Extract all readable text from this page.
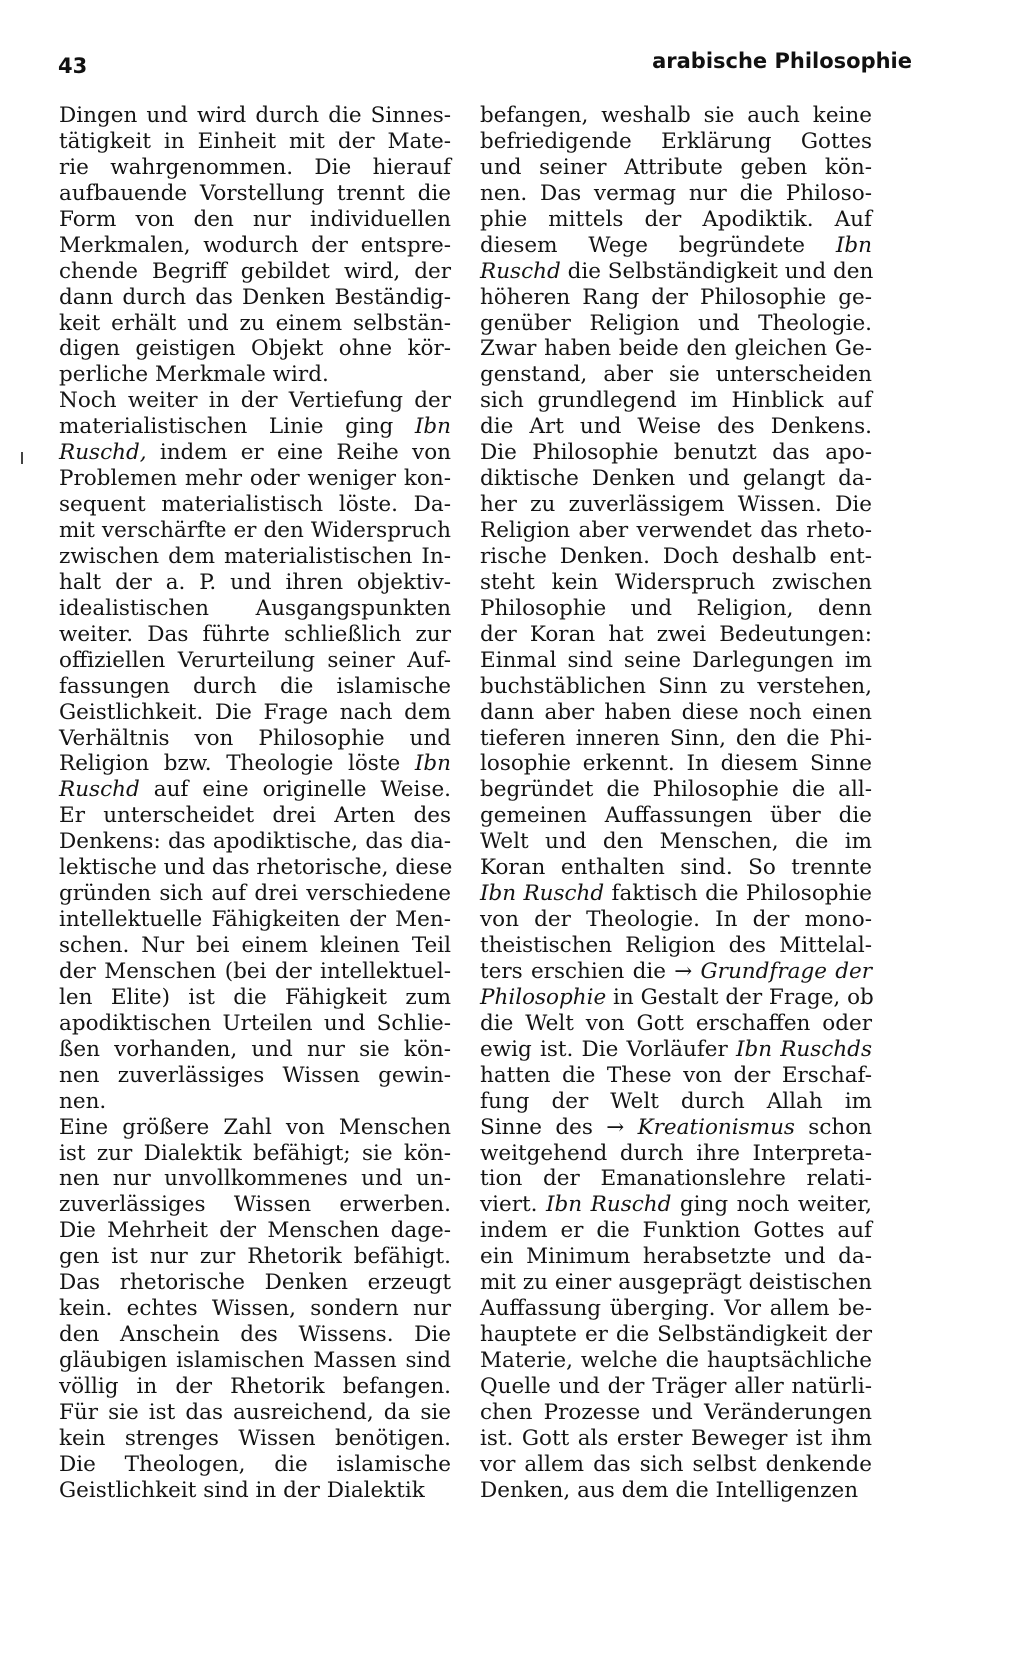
43	arabische Philosophie
Dingen und wird durch die Sinnes-
tätigkeit in Einheit mit der Mate-
rie wahrgenommen. Die hierauf
aufbauende Vorstellung trennt die
Form von den nur individuellen
Merkmalen, wodurch der entspre-
chende Begriff gebildet wird, der
dann durch das Denken Beständig-
keit erhält und zu einem selbstän-
digen geistigen Objekt ohne kör-
perliche Merkmale wird.
Noch weiter in der Vertiefung der
materialistischen Linie ging Ibn
Ruschd, indem er eine Reihe von
Problemen mehr oder weniger kon-
sequent materialistisch löste. Da-
mit verschärfte er den Widerspruch
zwischen dem materialistischen In-
halt der a. P. und ihren objektiv-
idealistischen Ausgangspunkten
weiter. Das führte schließlich zur
offiziellen Verurteilung seiner Auf-
fassungen durch die islamische
Geistlichkeit. Die Frage nach dem
Verhältnis von Philosophie und
Religion bzw. Theologie löste Ibn
Ruschd auf eine originelle Weise.
Er unterscheidet drei Arten des
Denkens: das apodiktische, das dia-
lektische und das rhetorische, diese
gründen sich auf drei verschiedene
intellektuelle Fähigkeiten der Men-
schen. Nur bei einem kleinen Teil
der Menschen (bei der intellektuel-
len Elite) ist die Fähigkeit zum
apodiktischen Urteilen und Schlie-
ßen vorhanden, und nur sie kön-
nen zuverlässiges Wissen gewin-
nen.
Eine größere Zahl von Menschen
ist zur Dialektik befähigt; sie kön-
nen nur unvollkommenes und un-
zuverlässiges Wissen erwerben.
Die Mehrheit der Menschen dage-
gen ist nur zur Rhetorik befähigt.
Das rhetorische Denken erzeugt
kein. echtes Wissen, sondern nur
den Anschein des Wissens. Die
gläubigen islamischen Massen sind
völlig in der Rhetorik befangen.
Für sie ist das ausreichend, da sie
kein strenges Wissen benötigen.
Die Theologen, die islamische
Geistlichkeit sind in der Dialektik
befangen, weshalb sie auch keine
befriedigende Erklärung Gottes
und seiner Attribute geben kön-
nen. Das vermag nur die Philoso-
phie mittels der Apodiktik. Auf
diesem Wege begründete Ibn
Ruschd die Selbständigkeit und den
höheren Rang der Philosophie ge-
genüber Religion und Theologie.
Zwar haben beide den gleichen Ge-
genstand, aber sie unterscheiden
sich grundlegend im Hinblick auf
die Art und Weise des Denkens.
Die Philosophie benutzt das apo-
diktische Denken und gelangt da-
her zu zuverlässigem Wissen. Die
Religion aber verwendet das rheto-
rische Denken. Doch deshalb ent-
steht kein Widerspruch zwischen
Philosophie und Religion, denn
der Koran hat zwei Bedeutungen:
Einmal sind seine Darlegungen im
buchstäblichen Sinn zu verstehen,
dann aber haben diese noch einen
tieferen inneren Sinn, den die Phi-
losophie erkennt. In diesem Sinne
begründet die Philosophie die all-
gemeinen Auffassungen über die
Welt und den Menschen, die im
Koran enthalten sind. So trennte
Ibn Ruschd faktisch die Philosophie
von der Theologie. In der mono-
theistischen Religion des Mittelal-
ters erschien die → Grundfrage der
Philosophie in Gestalt der Frage, ob
die Welt von Gott erschaffen oder
ewig ist. Die Vorläufer Ibn Ruschds
hatten die These von der Erschaf-
fung der Welt durch Allah im
Sinne des → Kreationismus schon
weitgehend durch ihre Interpreta-
tion der Emanationslehre relati-
viert. Ibn Ruschd ging noch weiter,
indem er die Funktion Gottes auf
ein Minimum herabsetzte und da-
mit zu einer ausgeprägt deistischen
Auffassung überging. Vor allem be-
hauptete er die Selbständigkeit der
Materie, welche die hauptsächliche
Quelle und der Träger aller natürli-
chen Prozesse und Veränderungen
ist. Gott als erster Beweger ist ihm
vor allem das sich selbst denkende
Denken, aus dem die Intelligenzen
